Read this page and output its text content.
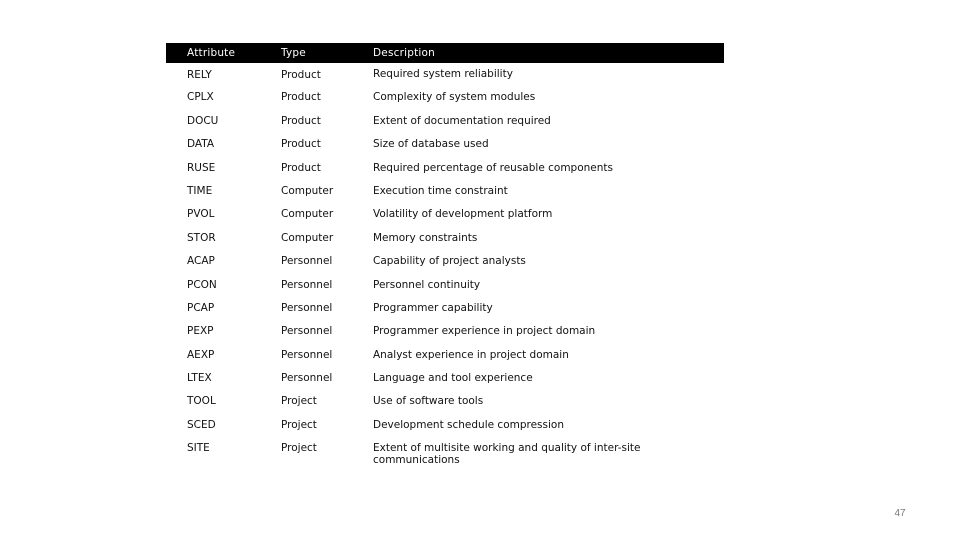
Attribute	Type	Description
RELY	Product	Required system reliability
CPLX	Product	Complexity of system modules
DOCU	Product	Extent of documentation required
DATA	Product	Size of database used
RUSE	Product	Required percentage of reusable components
TIME	Computer	Execution time constraint
PVOL	Computer	Volatility of development platform
STOR	Computer	Memory constraints
ACAP	Personnel	Capability of project analysts
PCON	Personnel	Personnel continuity
PCAP	Personnel	Programmer capability
PEXP	Personnel	Programmer experience in project domain
AEXP	Personnel	Analyst experience in project domain
LTEX	Personnel	Language and tool experience
TOOL	Project	Use of software tools
SCED	Project	Development schedule compression
SITE	Project	Extent of multisite working and quality of inter-site communications
47
